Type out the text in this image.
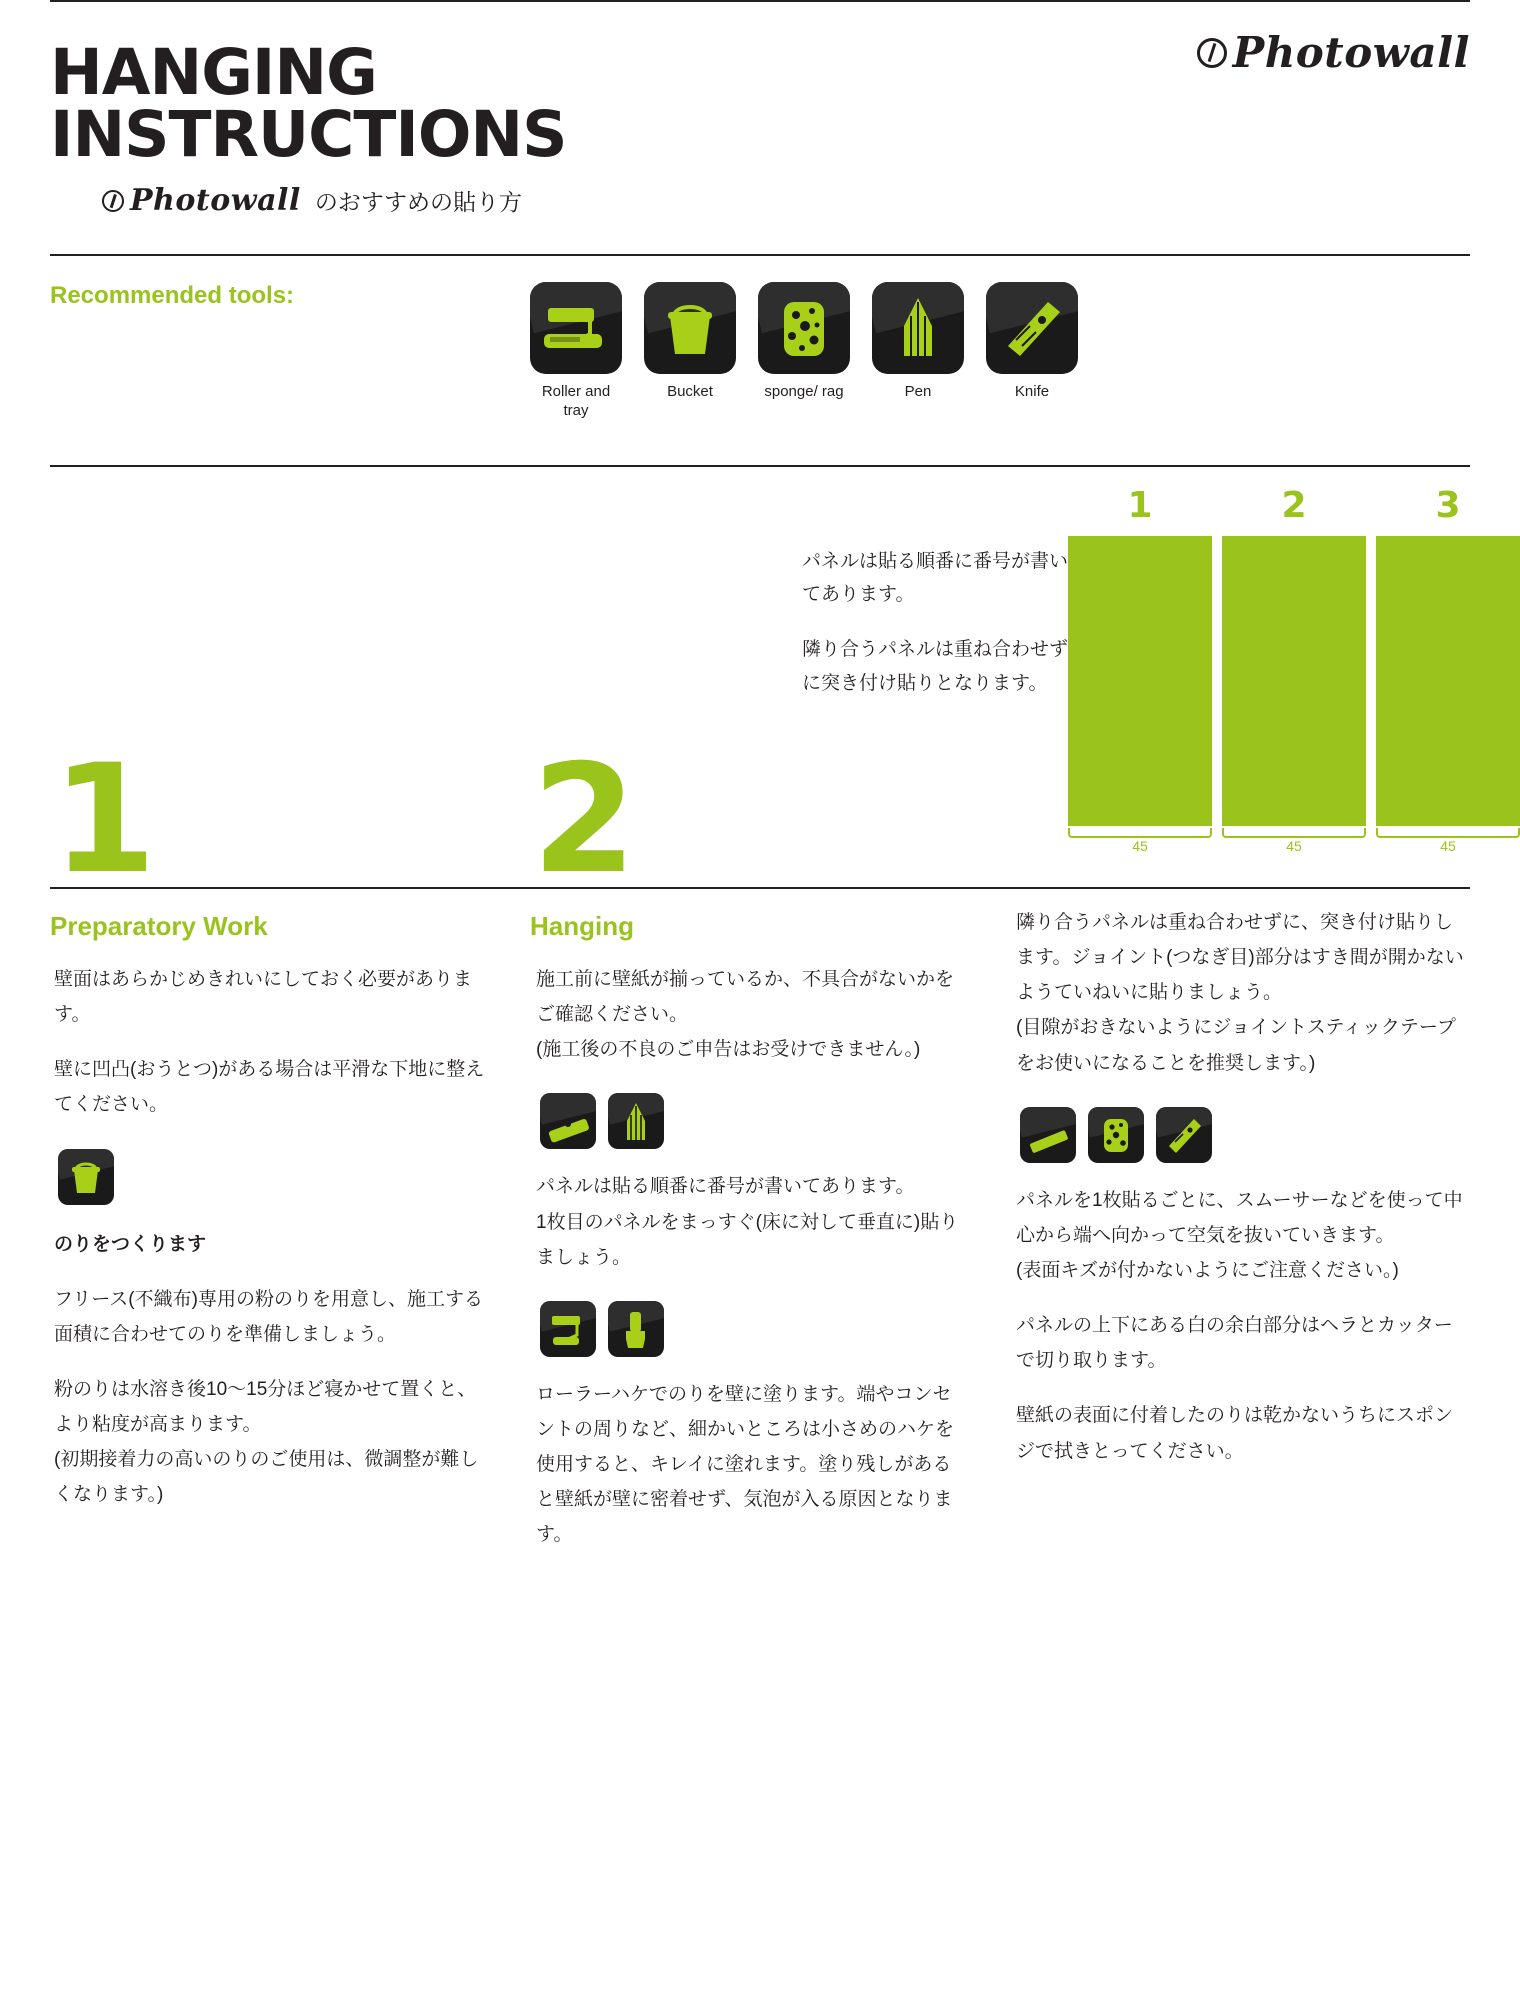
Photowall
HANGING
INSTRUCTIONS
Photowall のおすすめの貼り方
Recommended tools:
Roller and tray
Bucket	sponge/ rag	Pen	Knife
1	2

パネルは貼る順番に番号が書いてあります。

隣り合うパネルは重ね合わせずに突き付け貼りとなります。

1	2	3
45	45	45
Preparatory Work

壁面はあらかじめきれいにしておく必要があります。

壁に凹凸(おうとつ)がある場合は平滑な下地に整えてください。

のりをつくります

フリース(不織布)専用の粉のりを用意し、施工する面積に合わせてのりを準備しましょう。

粉のりは水溶き後10〜15分ほど寝かせて置くと、より粘度が高まります。

(初期接着力の高いのりのご使用は、微調整が難しくなります。)

Hanging

施工前に壁紙が揃っているか、不具合がないかをご確認ください。

(施工後の不良のご申告はお受けできません。)

パネルは貼る順番に番号が書いてあります。

1枚目のパネルをまっすぐ(床に対して垂直に)貼りましょう。

ローラーハケでのりを壁に塗ります。端やコンセントの周りなど、細かいところは小さめのハケを使用すると、キレイに塗れます。塗り残しがあると壁紙が壁に密着せず、気泡が入る原因となります。

隣り合うパネルは重ね合わせずに、突き付け貼りします。ジョイント(つなぎ目)部分はすき間が開かないようていねいに貼りましょう。

(目隙がおきないようにジョイントスティックテープをお使いになることを推奨します。)

パネルを1枚貼るごとに、スムーサーなどを使って中心から端へ向かって空気を抜いていきます。

(表面キズが付かないようにご注意ください。)

パネルの上下にある白の余白部分はヘラとカッターで切り取ります。

壁紙の表面に付着したのりは乾かないうちにスポンジで拭きとってください。
